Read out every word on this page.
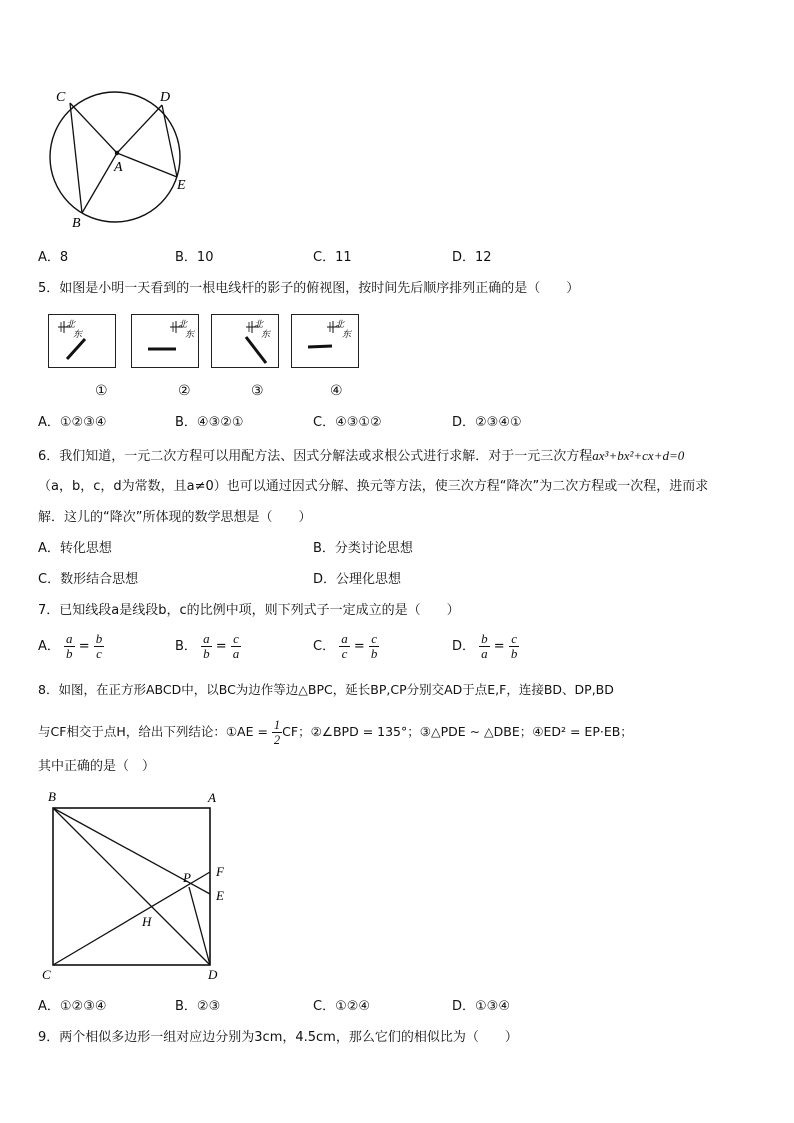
C	D
A
E
B
A．8	B．10	C．11	D．12
5．如图是小明一天看到的一根电线杆的影子的俯视图，按时间先后顺序排列正确的是（　　）
北
东
北
东
北
东
北
东
①	②	③	④
A．①②③④	B．④③②①	C．④③①②	D．②③④①
6．我们知道，一元二次方程可以用配方法、因式分解法或求根公式进行求解．对于一元三次方程ax³+bx²+cx+d=0
（a，b，c，d为常数，且a≠0）也可以通过因式分解、换元等方法，使三次方程“降次”为二次方程或一次程，进而求
解．这儿的“降次”所体现的数学思想是（　　）
A．转化思想	B．分类讨论思想
C．数形结合思想	D．公理化思想
7．已知线段a是线段b，c的比例中项，则下列式子一定成立的是（　　）
A． $\frac{a}{b} = \frac{b}{c}$	B． $\frac{a}{b} = \frac{c}{a}$	C． $\frac{a}{c} = \frac{c}{b}$	D． $\frac{b}{a} = \frac{c}{b}$
8．如图，在正方形ABCD中，以BC为边作等边△BPC，延长BP,CP分别交AD于点E,F，连接BD、DP,BD
与CF相交于点H，给出下列结论：①AE = $\frac{1}{2}$ CF；②∠BPD = 135°；③△PDE ∼ △DBE；④ED² = EP·EB；
其中正确的是（　）
B	A
F
P
E
H
C	D
A．①②③④	B．②③	C．①②④	D．①③④
9．两个相似多边形一组对应边分别为3cm，4.5cm，那么它们的相似比为（　　）
